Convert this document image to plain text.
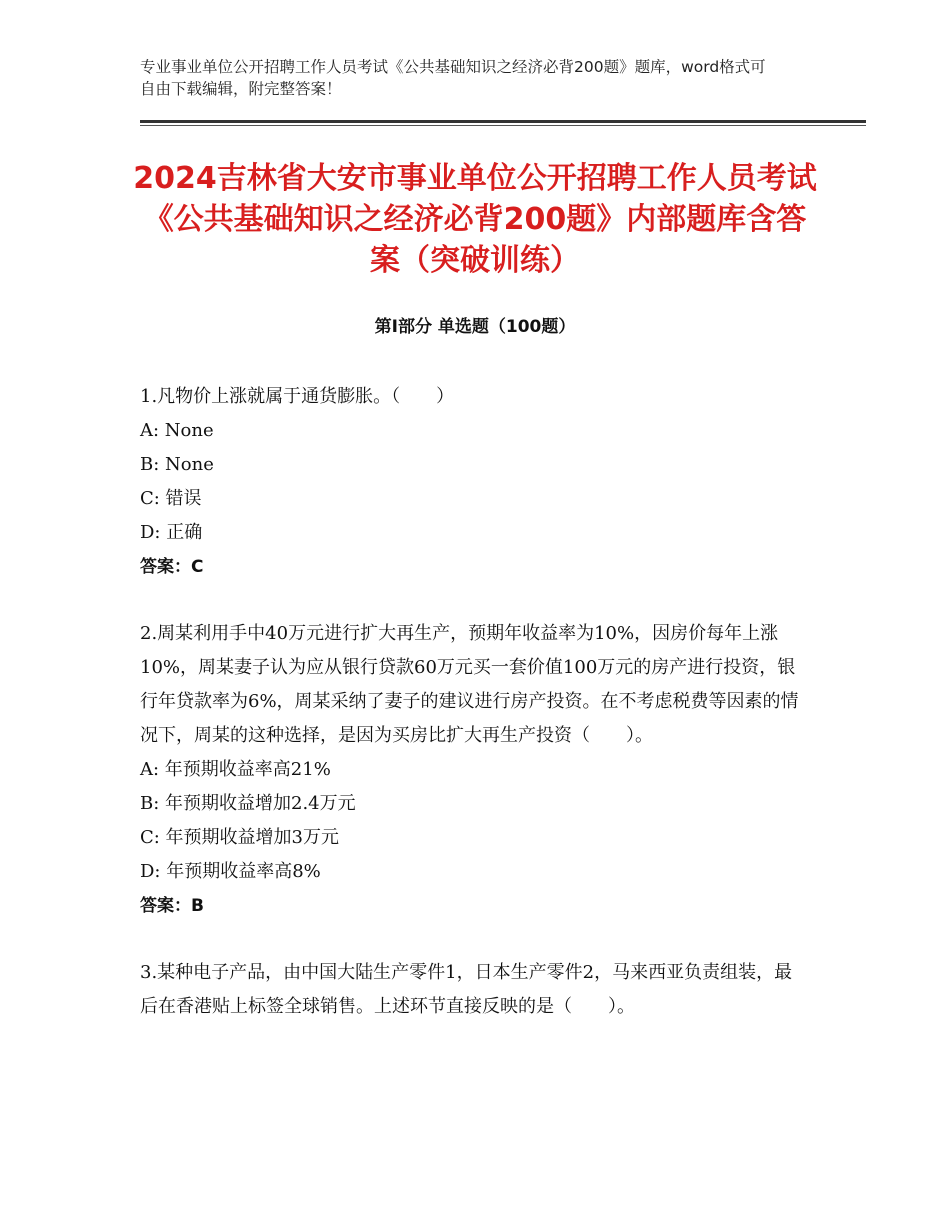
专业事业单位公开招聘工作人员考试《公共基础知识之经济必背200题》题库，word格式可自由下载编辑，附完整答案！
2024吉林省大安市事业单位公开招聘工作人员考试《公共基础知识之经济必背200题》内部题库含答案（突破训练）
第Ⅰ部分 单选题（100题）

1.凡物价上涨就属于通货膨胀。（　　）

A: None

B: None

C: 错误

D: 正确

答案：C

2.周某利用手中40万元进行扩大再生产，预期年收益率为10%，因房价每年上涨10%，周某妻子认为应从银行贷款60万元买一套价值100万元的房产进行投资，银行年贷款率为6%，周某采纳了妻子的建议进行房产投资。在不考虑税费等因素的情况下，周某的这种选择，是因为买房比扩大再生产投资（　　）。

A: 年预期收益率高21%

B: 年预期收益增加2.4万元

C: 年预期收益增加3万元

D: 年预期收益率高8%

答案：B

3.某种电子产品，由中国大陆生产零件1，日本生产零件2，马来西亚负责组装，最后在香港贴上标签全球销售。上述环节直接反映的是（　　）。
